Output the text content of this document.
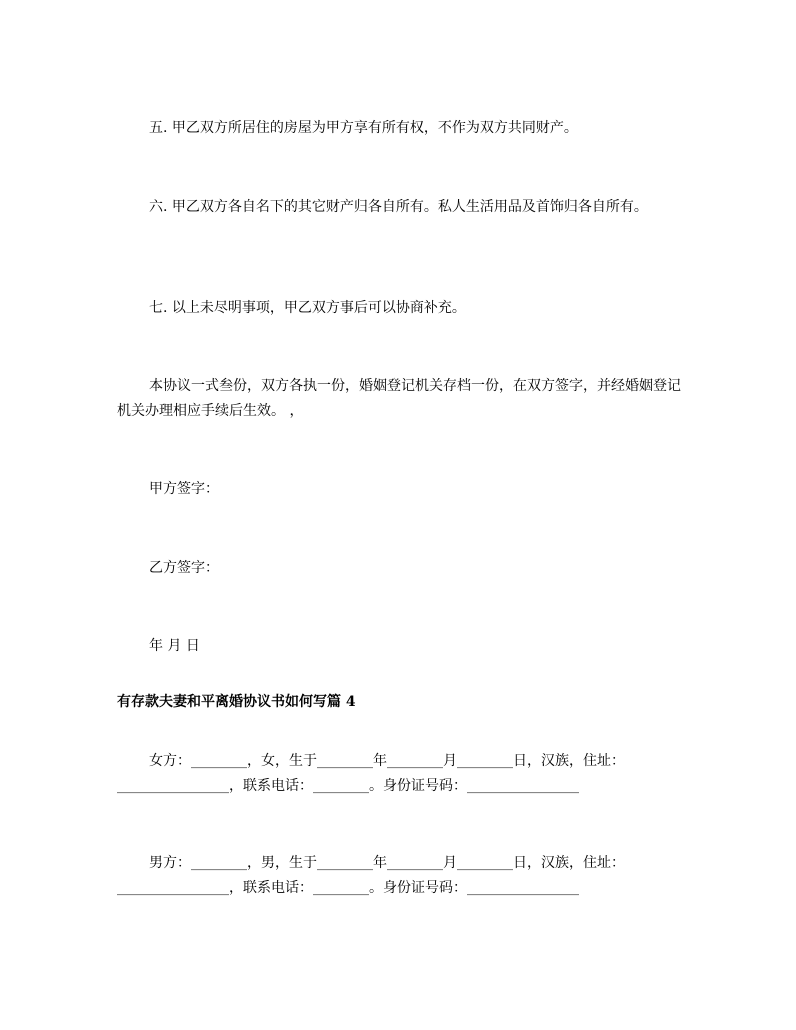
五. 甲乙双方所居住的房屋为甲方享有所有权，不作为双方共同财产。

六. 甲乙双方各自名下的其它财产归各自所有。私人生活用品及首饰归各自所有。

七. 以上未尽明事项，甲乙双方事后可以协商补充。

本协议一式叁份，双方各执一份，婚姻登记机关存档一份，在双方签字，并经婚姻登记机关办理相应手续后生效。 ，

甲方签字：

乙方签字：

年 月 日

有存款夫妻和平离婚协议书如何写篇 4

女方：________，女，生于________年________月________日，汉族，住址：
________________，联系电话：________。身份证号码：________________
男方：________，男，生于________年________月________日，汉族，住址：
________________，联系电话：________。身份证号码：________________
